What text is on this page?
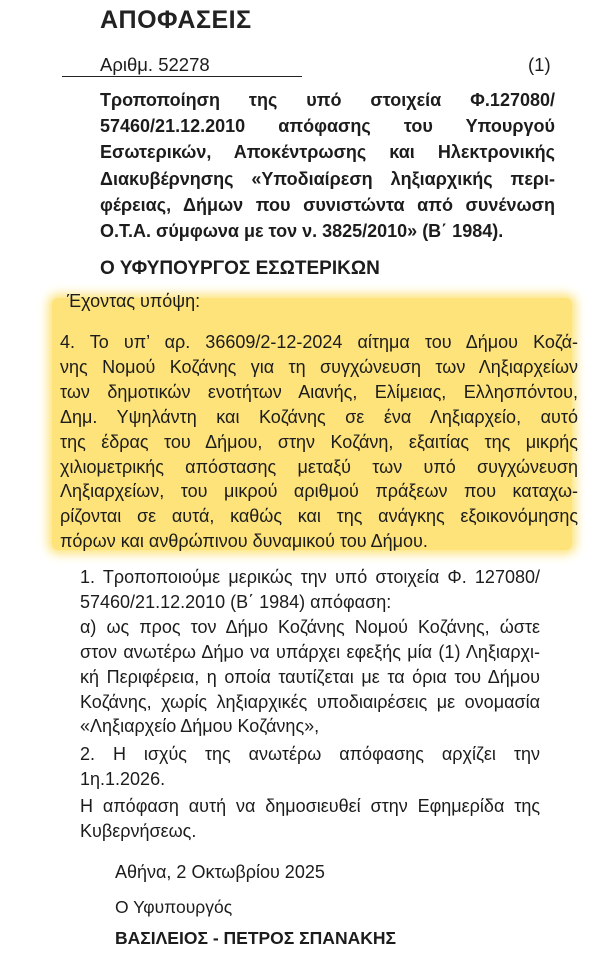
ΑΠΟΦΑΣΕΙΣ
Αριθμ. 52278	(1)
Τροποποίηση της υπό στοιχεία Φ.127080/
57460/21.12.2010 απόφασης του Υπουργού
Εσωτερικών, Αποκέντρωσης και Ηλεκτρονικής
Διακυβέρνησης «Υποδιαίρεση ληξιαρχικής περι-
φέρειας, Δήμων που συνιστώντα από συνένωση
Ο.Τ.Α. σύμφωνα με τον ν. 3825/2010» (Β΄ 1984).
Ο ΥΦΥΠΟΥΡΓΟΣ ΕΣΩΤΕΡΙΚΩΝ
Έχοντας υπόψη:
4. Το υπ’ αρ. 36609/2-12-2024 αίτημα του Δήμου Κοζά-
νης Νομού Κοζάνης για τη συγχώνευση των Ληξιαρχείων
των δημοτικών ενοτήτων Αιανής, Ελίμειας, Ελλησπόντου,
Δημ. Υψηλάντη και Κοζάνης σε ένα Ληξιαρχείο, αυτό
της έδρας του Δήμου, στην Κοζάνη, εξαιτίας της μικρής
χιλιομετρικής απόστασης μεταξύ των υπό συγχώνευση
Ληξιαρχείων, του μικρού αριθμού πράξεων που καταχω-
ρίζονται σε αυτά, καθώς και της ανάγκης εξοικονόμησης
πόρων και ανθρώπινου δυναμικού του Δήμου.
1. Τροποποιούμε μερικώς την υπό στοιχεία Φ. 127080/
57460/21.12.2010 (Β΄ 1984) απόφαση:
α) ως προς τον Δήμο Κοζάνης Νομού Κοζάνης, ώστε
στον ανωτέρω Δήμο να υπάρχει εφεξής μία (1) Ληξιαρχι-
κή Περιφέρεια, η οποία ταυτίζεται με τα όρια του Δήμου
Κοζάνης, χωρίς ληξιαρχικές υποδιαιρέσεις με ονομασία
«Ληξιαρχείο Δήμου Κοζάνης»,
2. Η ισχύς της ανωτέρω απόφασης αρχίζει την
1η.1.2026.
Η απόφαση αυτή να δημοσιευθεί στην Εφημερίδα της
Κυβερνήσεως.
Αθήνα, 2 Οκτωβρίου 2025
Ο Υφυπουργός
ΒΑΣΙΛΕΙΟΣ - ΠΕΤΡΟΣ ΣΠΑΝΑΚΗΣ
